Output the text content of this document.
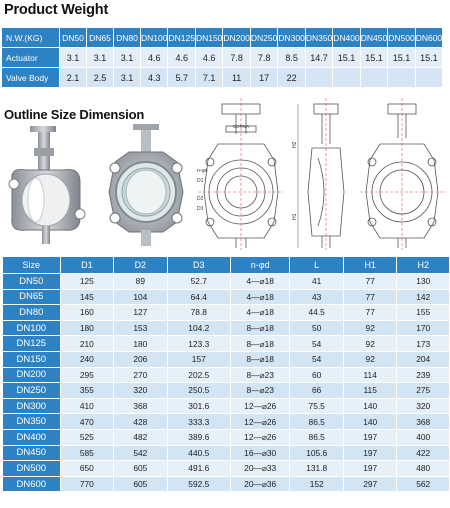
Product Weight
N.W.(KG)	DN50	DN65	DN80	DN100	DN125	DN150	DN200	DN250	DN300	DN350	DN400	DN450	DN500	DN600
Actuator	3.1	3.1	3.1	4.6	4.6	4.6	7.8	7.8	8.5	14.7	15.1	15.1	15.1	15.1
Valve Body	2.1	2.5	3.1	4.3	5.7	7.1	11	17	22					
Outline Size Dimension
CORNA
n-φd
D1
D2
D3
H2
H1
Size	D1	D2	D3	n-φd	L	H1	H2
DN50	125	89	52.7	4—⌀18	41	77	130
DN65	145	104	64.4	4—⌀18	43	77	142
DN80	160	127	78.8	4—⌀18	44.5	77	155
DN100	180	153	104.2	8—⌀18	50	92	170
DN125	210	180	123.3	8—⌀18	54	92	173
DN150	240	206	157	8—⌀18	54	92	204
DN200	295	270	202.5	8—⌀23	60	114	239
DN250	355	320	250.5	8—⌀23	66	115	275
DN300	410	368	301.6	12—⌀26	75.5	140	320
DN350	470	428	333.3	12—⌀26	86.5	140	368
DN400	525	482	389.6	12—⌀26	86.5	197	400
DN450	585	542	440.5	16—⌀30	105.6	197	422
DN500	650	605	491.6	20—⌀33	131.8	197	480
DN600	770	605	592.5	20—⌀36	152	297	562
